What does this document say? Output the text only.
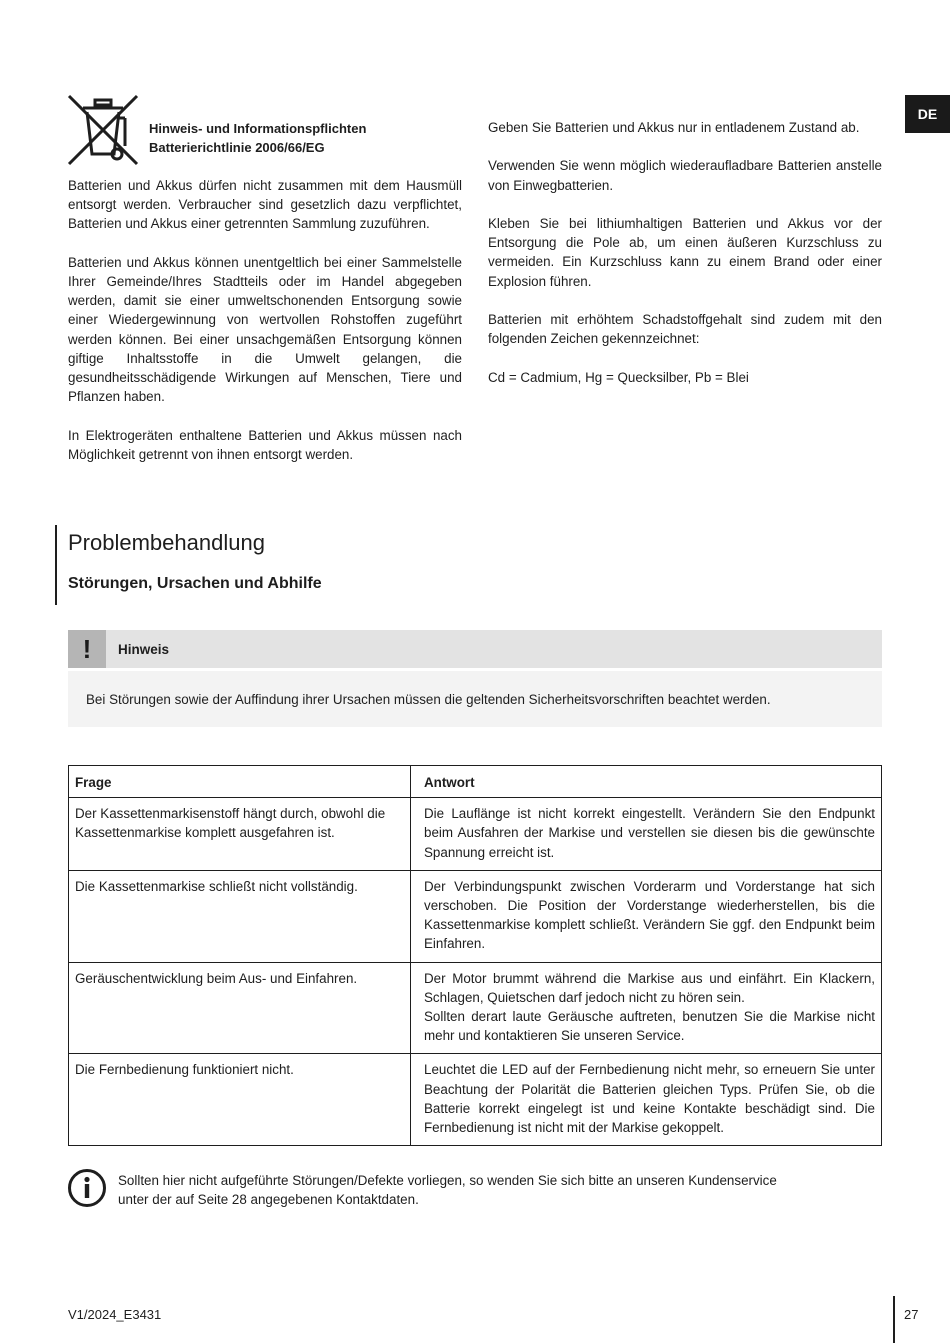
DE
Hinweis- und Informationspflichten
Batterierichtlinie 2006/66/EG

Batterien und Akkus dürfen nicht zusammen mit dem Hausmüll entsorgt werden. Verbraucher sind gesetzlich dazu verpflichtet, Batterien und Akkus einer getrennten Sammlung zuzuführen.

Batterien und Akkus können unentgeltlich bei einer Sammelstelle Ihrer Gemeinde/Ihres Stadtteils oder im Handel abgegeben werden, damit sie einer umweltschonenden Entsorgung sowie einer Wiedergewinnung von wertvollen Rohstoffen zugeführt werden können. Bei einer unsachgemäßen Entsorgung können giftige Inhaltsstoffe in die Umwelt gelangen, die gesundheitsschädigende Wirkungen auf Menschen, Tiere und Pflanzen haben.

In Elektrogeräten enthaltene Batterien und Akkus müssen nach Möglichkeit getrennt von ihnen entsorgt werden.

Geben Sie Batterien und Akkus nur in entladenem Zustand ab.

Verwenden Sie wenn möglich wiederaufladbare Batterien anstelle von Einwegbatterien.

Kleben Sie bei lithiumhaltigen Batterien und Akkus vor der Entsorgung die Pole ab, um einen äußeren Kurzschluss zu vermeiden. Ein Kurzschluss kann zu einem Brand oder einer Explosion führen.

Batterien mit erhöhtem Schadstoffgehalt sind zudem mit den folgenden Zeichen gekennzeichnet:

Cd = Cadmium, Hg = Quecksilber, Pb = Blei

Problembehandlung
Störungen, Ursachen und Abhilfe
!	Hinweis
Bei Störungen sowie der Auffindung ihrer Ursachen müssen die geltenden Sicherheitsvorschriften beachtet werden.
Frage	Antwort
Der Kassettenmarkisenstoff hängt durch, obwohl die Kassettenmarkise komplett ausgefahren ist.	Die Lauflänge ist nicht korrekt eingestellt. Verändern Sie den Endpunkt beim Ausfahren der Markise und verstellen sie diesen bis die gewünschte Spannung erreicht ist.
Die Kassettenmarkise schließt nicht vollständig.	Der Verbindungspunkt zwischen Vorderarm und Vorderstange hat sich verschoben. Die Position der Vorderstange wiederherstellen, bis die Kassettenmarkise komplett schließt. Verändern Sie ggf. den Endpunkt beim Einfahren.
Geräuschentwicklung beim Aus- und Einfahren.	Der Motor brummt während die Markise aus und einfährt. Ein Klackern, Schlagen, Quietschen darf jedoch nicht zu hören sein.
Sollten derart laute Geräusche auftreten, benutzen Sie die Markise nicht mehr und kontaktieren Sie unseren Service.

Die Fernbedienung funktioniert nicht.	Leuchtet die LED auf der Fernbedienung nicht mehr, so erneuern Sie unter Beachtung der Polarität die Batterien gleichen Typs. Prüfen Sie, ob die Batterie korrekt eingelegt ist und keine Kontakte beschädigt sind. Die Fernbedienung ist nicht mit der Markise gekoppelt.
Sollten hier nicht aufgeführte Störungen/Defekte vorliegen, so wenden Sie sich bitte an unseren Kundenservice
unter der auf Seite 28 angegebenen Kontaktdaten.
V1/2024_E3431	27
